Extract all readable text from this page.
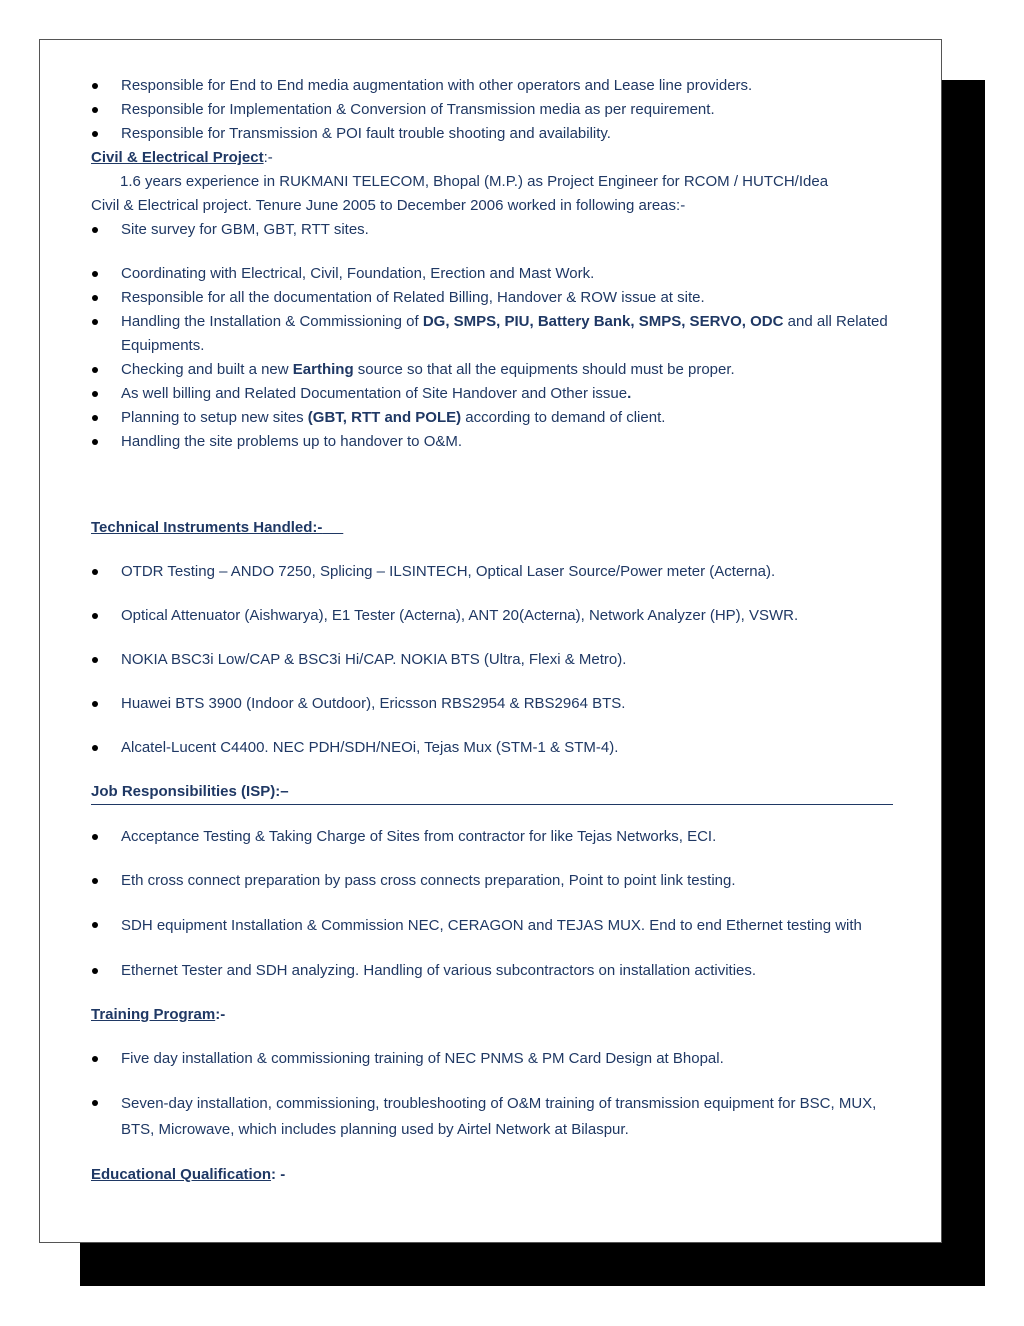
Responsible for End to End media augmentation with other operators and Lease line providers.
Responsible for Implementation & Conversion of Transmission media as per requirement.
Responsible for Transmission & POI fault trouble shooting and availability.
Civil & Electrical Project:-
1.6 years experience in RUKMANI TELECOM, Bhopal (M.P.) as Project Engineer for RCOM / HUTCH/Idea
Civil & Electrical project. Tenure June 2005 to December 2006 worked in following areas:-
Site survey for GBM, GBT, RTT sites.
Coordinating with Electrical, Civil, Foundation, Erection and Mast Work.
Responsible for all the documentation of Related Billing, Handover & ROW issue at site.
Handling the Installation & Commissioning of DG, SMPS, PIU, Battery Bank, SMPS, SERVO, ODC and all Related Equipments.
Checking and built a new Earthing source so that all the equipments should must be proper.
As well billing and Related Documentation of Site Handover and Other issue.
Planning to setup new sites (GBT, RTT and POLE) according to demand of client.
Handling the site problems up to handover to O&M.
Technical Instruments Handled:-
OTDR Testing – ANDO 7250, Splicing – ILSINTECH, Optical Laser Source/Power meter (Acterna).
Optical Attenuator (Aishwarya), E1 Tester (Acterna), ANT 20(Acterna), Network Analyzer (HP), VSWR.
NOKIA BSC3i Low/CAP & BSC3i Hi/CAP. NOKIA BTS (Ultra, Flexi & Metro).
Huawei BTS 3900 (Indoor & Outdoor), Ericsson RBS2954 & RBS2964 BTS.
Alcatel-Lucent C4400. NEC PDH/SDH/NEOi, Tejas Mux (STM-1 & STM-4).
Job Responsibilities (ISP):–
Acceptance Testing & Taking Charge of Sites from contractor for like Tejas Networks, ECI.
Eth cross connect preparation by pass cross connects preparation, Point to point link testing.
SDH equipment Installation & Commission NEC, CERAGON and TEJAS MUX. End to end Ethernet testing with
Ethernet Tester and SDH analyzing. Handling of various subcontractors on installation activities.
Training Program:-
Five day installation & commissioning training of NEC PNMS & PM Card Design at Bhopal.
Seven-day installation, commissioning, troubleshooting of O&M training of transmission equipment for BSC, MUX, BTS, Microwave, which includes planning used by Airtel Network at Bilaspur.
Educational Qualification: -
